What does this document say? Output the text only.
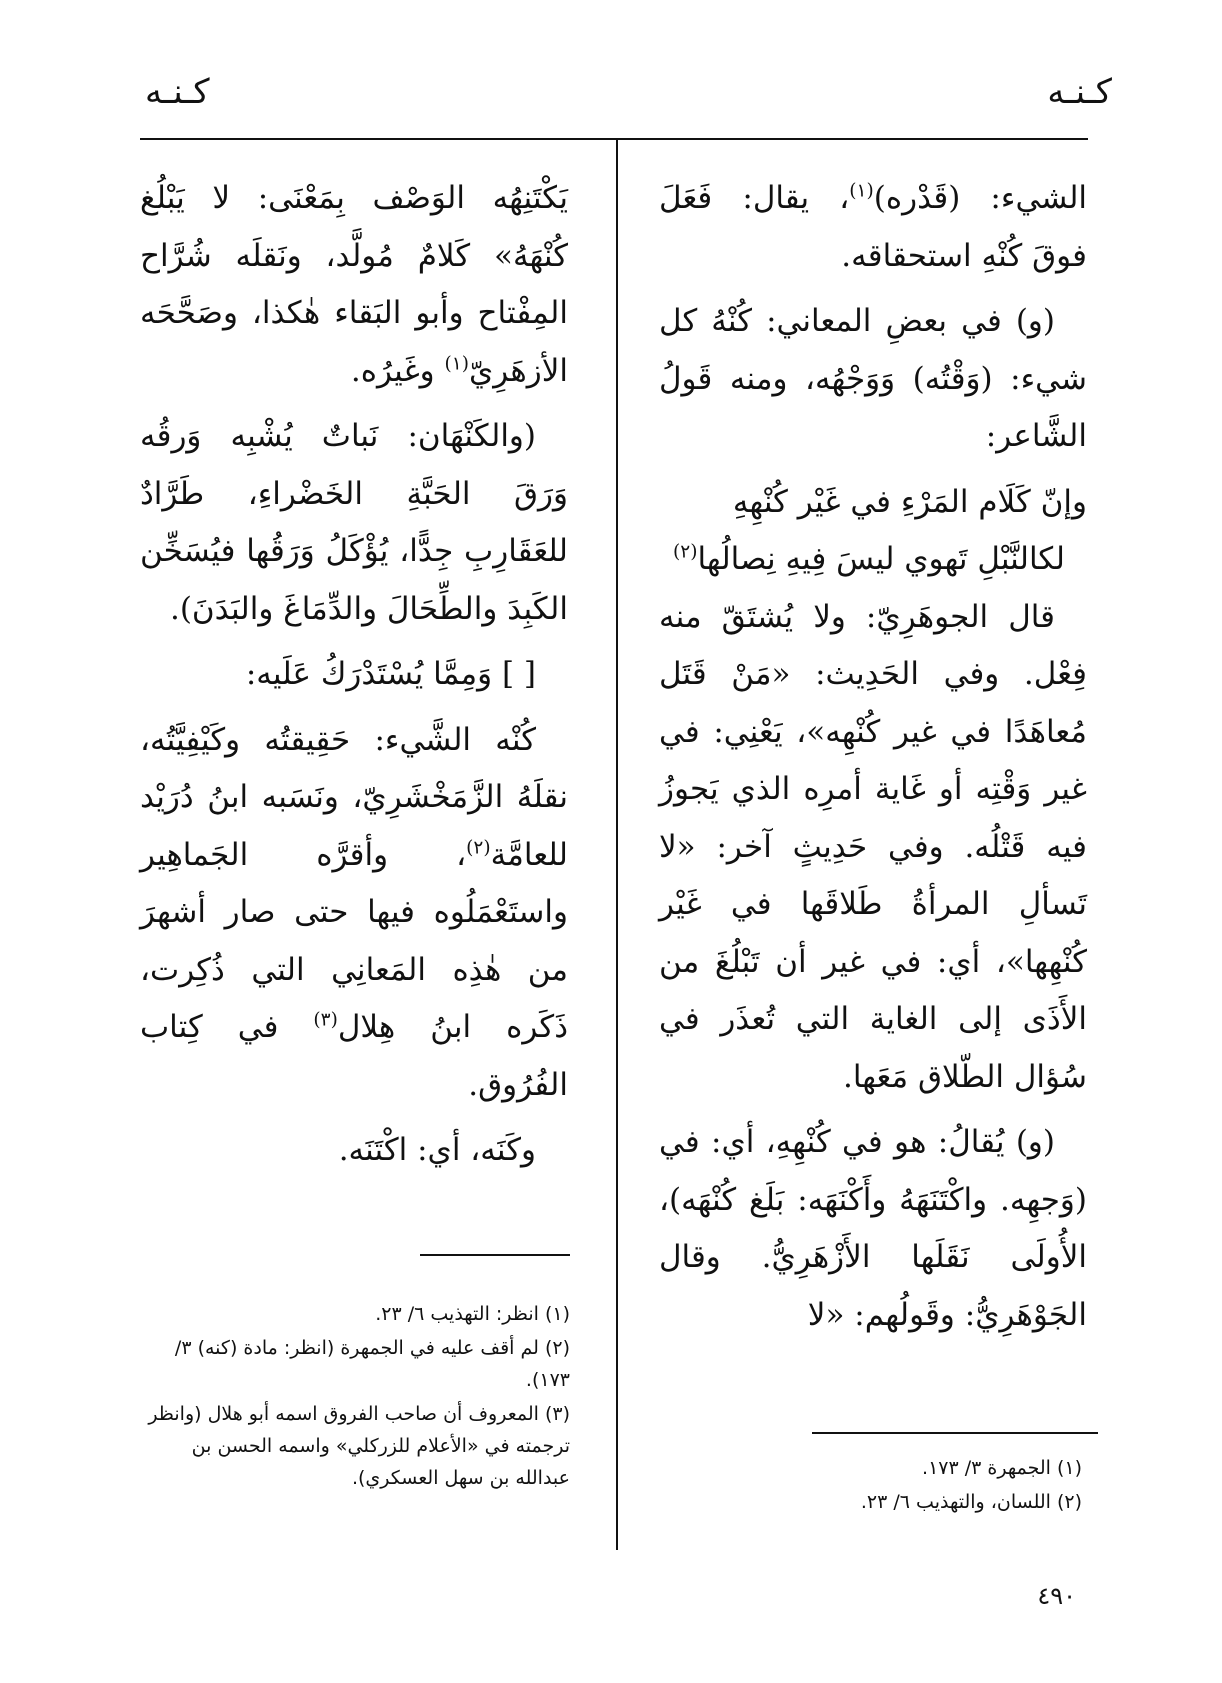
كـنـه
كـنـه

الشيء: (قَدْره)$^{(١)}$، يقال: فَعَلَ فوقَ كُنْهِ استحقاقه.

(و) في بعضِ المعاني: كُنْهُ كل شيء: (وَقْتُه) وَوَجْهُه، ومنه قَولُ الشَّاعر:

وإنّ كَلَام المَرْءِ في غَيْر كُنْهِهِ

لكالنَّبْلِ تَهوي ليسَ فِيهِ نِصالُها$^{(٢)}$

قال الجوهَرِيّ: ولا يُشتَقّ منه فِعْل. وفي الحَدِيث: «مَنْ قَتَل مُعاهَدًا في غير كُنْهِه»، يَعْنِي: في غير وَقْتِه أو غَاية أمرِه الذي يَجوزُ فيه قَتْلُه. وفي حَدِيثٍ آخر: «لا تَسألِ المرأةُ طَلاقَها في غَيْر كُنْهِها»، أي: في غير أن تَبْلُغَ من الأَذَى إلى الغاية التي تُعذَر في سُؤال الطّلاق مَعَها.

(و) يُقالُ: هو في كُنْهِهِ، أي: في (وَجهِه. واكْتَنَهَهُ وأَكْنَهَه: بَلَغ كُنْهَه)، الأُولَى نَقَلَها الأَزْهَرِيُّ. وقال الجَوْهَرِيُّ: وقَولُهم: «لا

يَكْتَنِهُه الوَصْف بِمَعْنَى: لا يَبْلُغ كُنْهَهُ» كَلامٌ مُولَّد، ونَقلَه شُرَّاح المِفْتاح وأبو البَقاء هٰكذا، وصَحَّحَه الأزهَرِيّ$^{(١)}$ وغَيرُه.

(والكَنْهَان: نَباتٌ يُشْبِه وَرقُه وَرَقَ الحَبَّةِ الخَضْراءِ، طَرَّادٌ للعَقَارِبِ جِدًّا، يُؤْكَلُ وَرَقُها فيُسَخِّن الكَبِدَ والطِّحَالَ والدِّمَاغَ والبَدَنَ).

[ ] وَمِمَّا يُسْتَدْرَكُ عَلَيه:

كُنْه الشَّيء: حَقِيقتُه وكَيْفِيَّتُه، نقلَهُ الزَّمَخْشَرِيّ، ونَسَبه ابنُ دُرَيْد للعامَّة$^{(٢)}$، وأقرَّه الجَماهِير واستَعْمَلُوه فيها حتى صار أشهرَ من هٰذِه المَعانِي التي ذُكِرت، ذَكَره ابنُ هِلال$^{(٣)}$ في كِتاب الفُرُوق.

وكَنَه، أي: اكْتَنَه.

(١)الجمهرة ٣/ ١٧٣.
(٢)اللسان، والتهذيب ٦/ ٢٣.
(١)انظر: التهذيب ٦/ ٢٣.
(٢)لم أقف عليه في الجمهرة (انظر: مادة (كنه) ٣/ ١٧٣).
(٣)المعروف أن صاحب الفروق اسمه أبو هلال (وانظر ترجمته في «الأعلام للزركلي» واسمه الحسن بن عبدالله بن سهل العسكري).
٤٩٠
